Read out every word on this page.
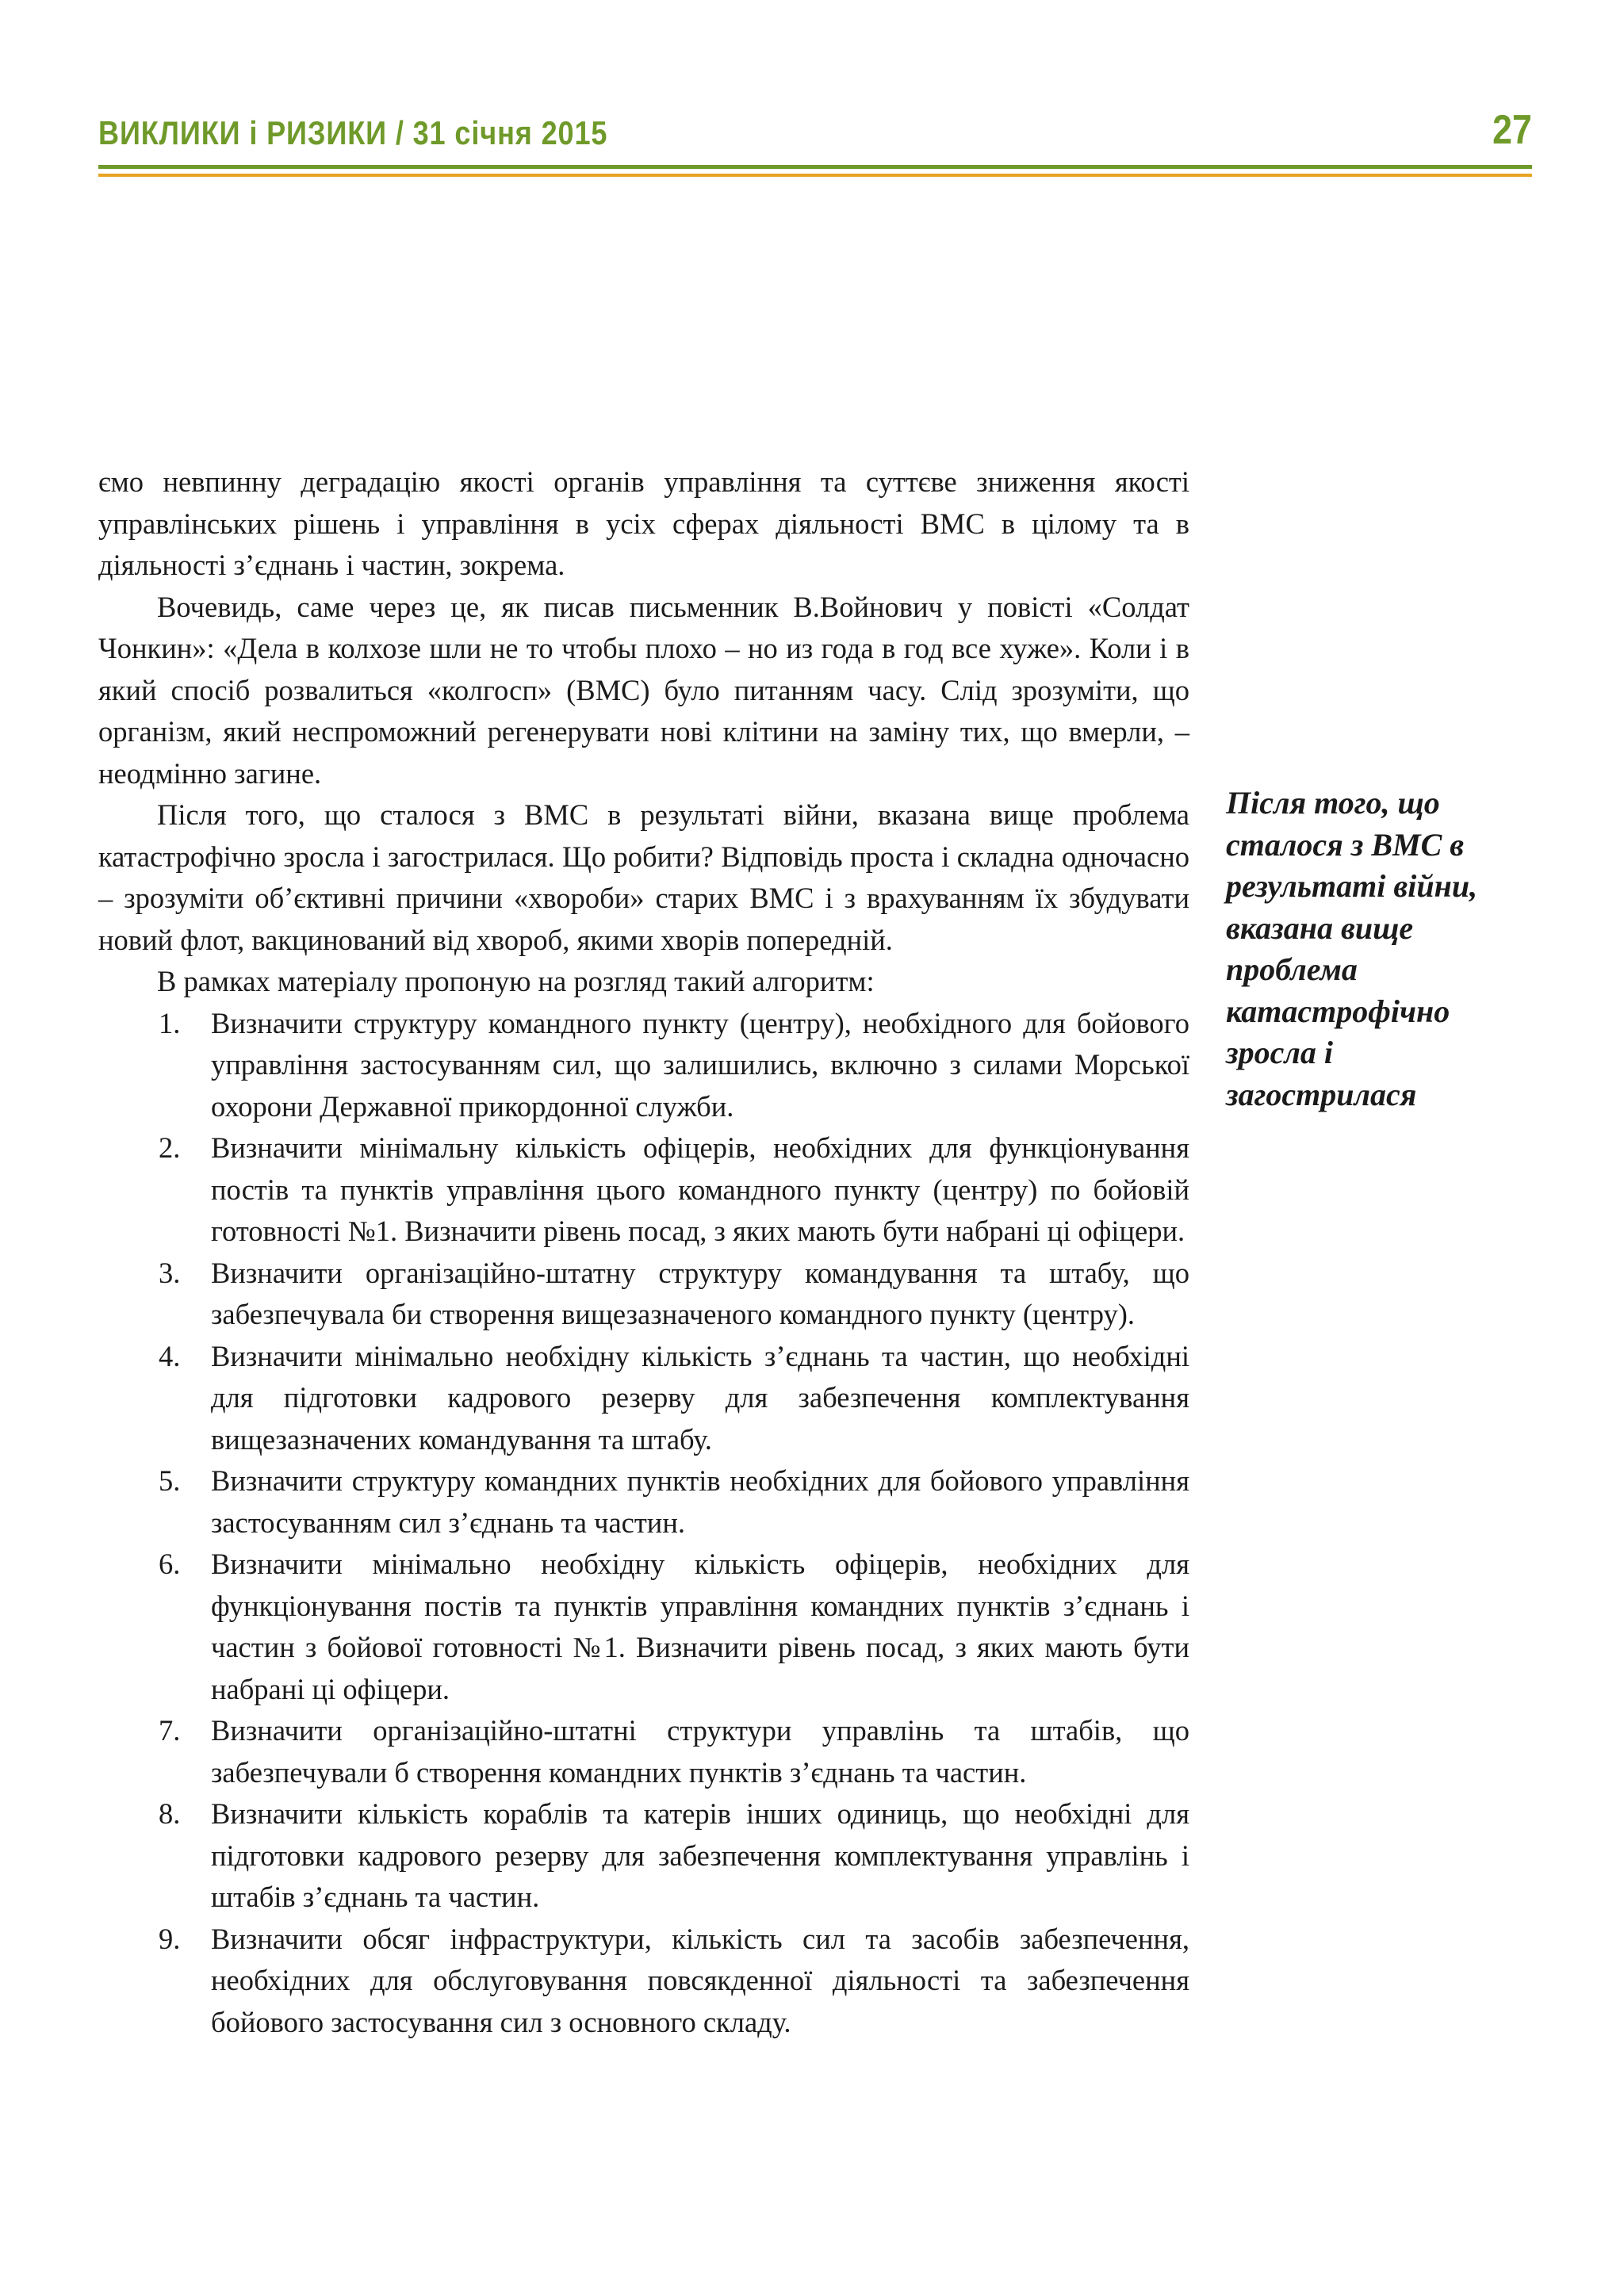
ВИКЛИКИ і РИЗИКИ / 31 січня 2015	27

ємо невпинну деградацію якості органів управління та суттєве зниження якості управлінських рішень і управління в усіх сферах діяльності ВМС в цілому та в діяльності з’єднань і частин, зокрема.

Вочевидь, саме через це, як писав письменник В.Войнович у повісті «Солдат Чонкин»: «Дела в колхозе шли не то чтобы плохо – но из года в год все хуже». Коли і в який спосіб розвалиться «колгосп» (ВМС) було питанням часу. Слід зрозуміти, що організм, який неспроможний регенерувати нові клітини на заміну тих, що вмерли, – неодмінно загине.

Після того, що сталося з ВМС в результаті війни, вказана вище проблема катастрофічно зросла і загострилася. Що робити? Відповідь проста і складна одночасно – зрозуміти об’єктивні причини «хвороби» старих ВМС і з врахуванням їх збудувати новий флот, вакцинований від хвороб, якими хворів попередній.

В рамках матеріалу пропоную на розгляд такий алгоритм:

1. Визначити структуру командного пункту (центру), необхідного для бойового управління застосуванням сил, що залишились, включно з силами Морської охорони Державної прикордонної служби.
2. Визначити мінімальну кількість офіцерів, необхідних для функціонування постів та пунктів управління цього командного пункту (центру) по бойовій готовності №1. Визначити рівень посад, з яких мають бути набрані ці офіцери.
3. Визначити організаційно-штатну структуру командування та штабу, що забезпечувала би створення вищезазначеного командного пункту (центру).
4. Визначити мінімально необхідну кількість з’єднань та частин, що необхідні для підготовки кадрового резерву для забезпечення комплектування вищезазначених командування та штабу.
5. Визначити структуру командних пунктів необхідних для бойового управління застосуванням сил з’єднань та частин.
6. Визначити мінімально необхідну кількість офіцерів, необхідних для функціонування постів та пунктів управління командних пунктів з’єднань і частин з бойової готовності №1. Визначити рівень посад, з яких мають бути набрані ці офіцери.
7. Визначити організаційно-штатні структури управлінь та штабів, що забезпечували б створення командних пунктів з’єднань та частин.
8. Визначити кількість кораблів та катерів інших одиниць, що необхідні для підготовки кадрового резерву для забезпечення комплектування управлінь і штабів з’єднань та частин.
9. Визначити обсяг інфраструктури, кількість сил та засобів забезпечення, необхідних для обслуговування повсякденної діяльності та забезпечення бойового застосування сил з основного складу.
Після того, що сталося з ВМС в результаті війни, вказана вище проблема катастрофічно зросла і загострилася
